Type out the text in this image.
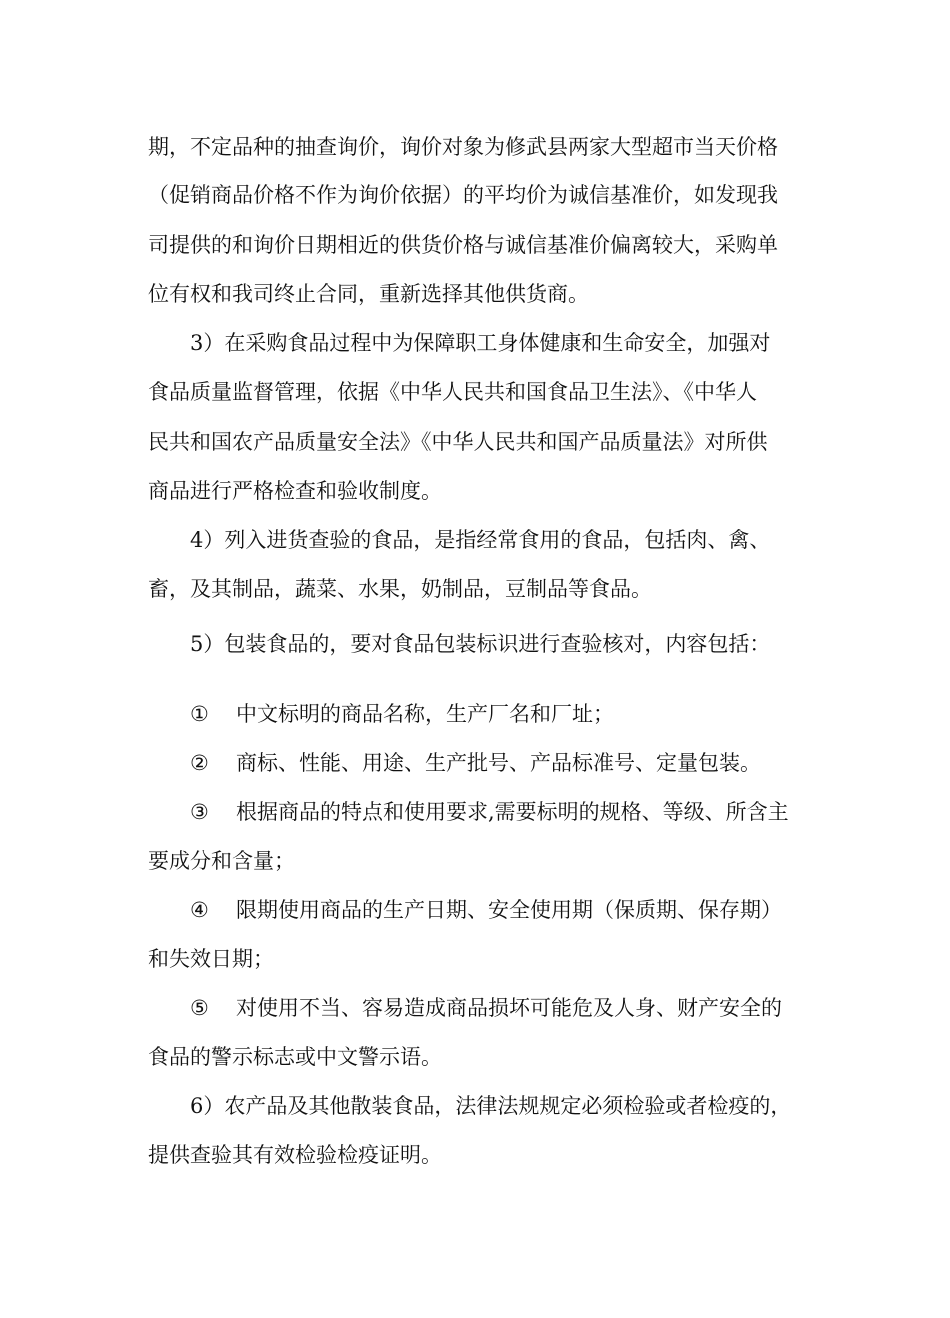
期，不定品种的抽查询价，询价对象为修武县两家大型超市当天价格
（促销商品价格不作为询价依据）的平均价为诚信基准价，如发现我
司提供的和询价日期相近的供货价格与诚信基准价偏离较大，采购单
位有权和我司终止合同，重新选择其他供货商。
3）在采购食品过程中为保障职工身体健康和生命安全，加强对
食品质量监督管理，依据《中华人民共和国食品卫生法》、《中华人
民共和国农产品质量安全法》《中华人民共和国产品质量法》对所供
商品进行严格检查和验收制度。
4）列入进货查验的食品，是指经常食用的食品，包括肉、禽、
畜，及其制品，蔬菜、水果，奶制品，豆制品等食品。
5）包装食品的，要对食品包装标识进行查验核对，内容包括：
① 中文标明的商品名称，生产厂名和厂址；
② 商标、性能、用途、生产批号、产品标准号、定量包装。
③ 根据商品的特点和使用要求,需要标明的规格、等级、所含主
要成分和含量；
④ 限期使用商品的生产日期、安全使用期（保质期、保存期）
和失效日期；
⑤ 对使用不当、容易造成商品损坏可能危及人身、财产安全的
食品的警示标志或中文警示语。
6）农产品及其他散装食品，法律法规规定必须检验或者检疫的，
提供查验其有效检验检疫证明。
